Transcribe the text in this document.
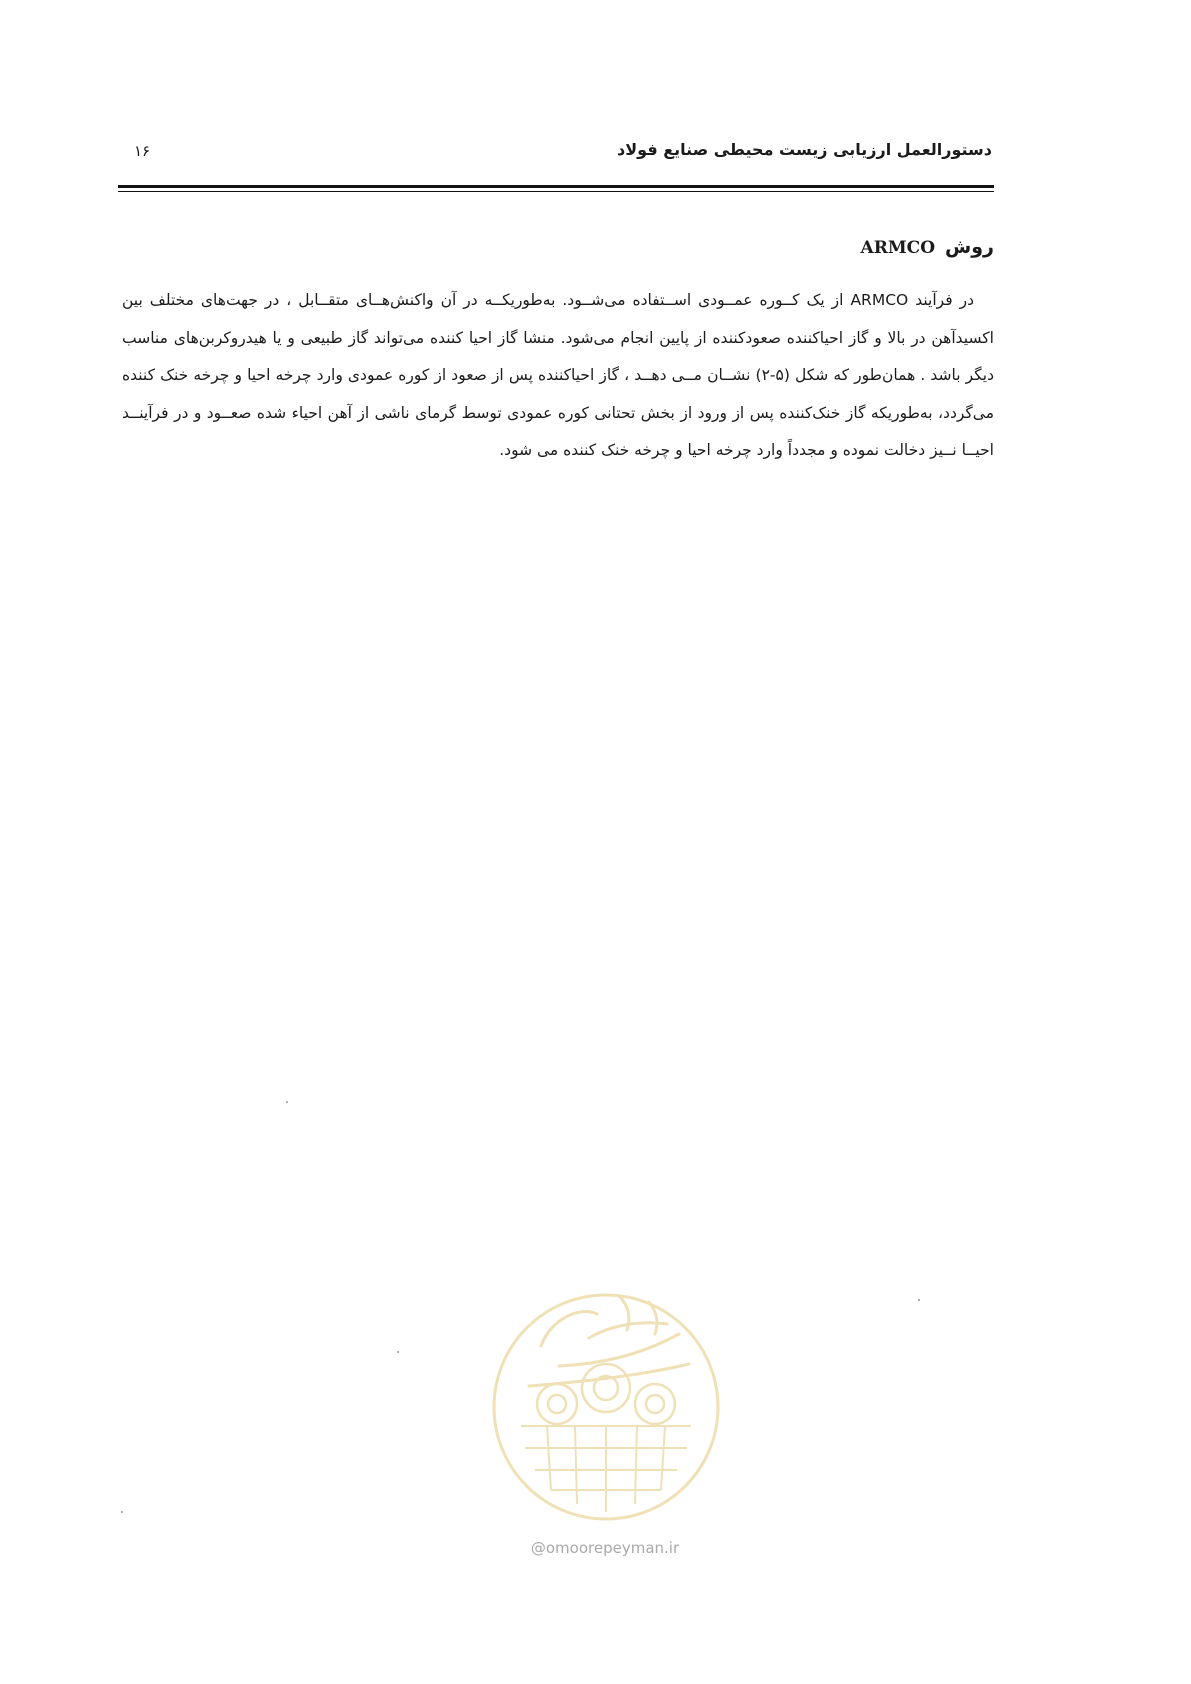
دستورالعمل ارزیابی زیست محیطی صنایع فولاد
۱۶
روشARMCO

در فرآیند ARMCO از یک کــوره عمــودی اســتفاده می‌شــود. به‌طوریکــه در آن واکنش‌هــای متقــابل ، در جهت‌های مختلف بین اکسیدآهن در بالا و گاز احیاکننده صعودکننده از پایین انجام می‌شود. منشا گاز احیا کننده می‌تواند گاز طبیعی و یا هیدروکربن‌های مناسب دیگر باشد . همان‌طور که شکل (۵-۲) نشــان مــی دهــد ، گاز احیاکننده پس از صعود از کوره عمودی وارد چرخه احیا و چرخه خنک کننده می‌گردد، به‌طوریکه گاز خنک‌کننده پس از ورود از بخش تحتانی کوره عمودی توسط گرمای ناشی از آهن احیاء شده صعــود و در فرآینــد احیــا نــیز دخالت نموده و مجدداً وارد چرخه احیا و چرخه خنک کننده می شود.

@omoorepeyman.ir
